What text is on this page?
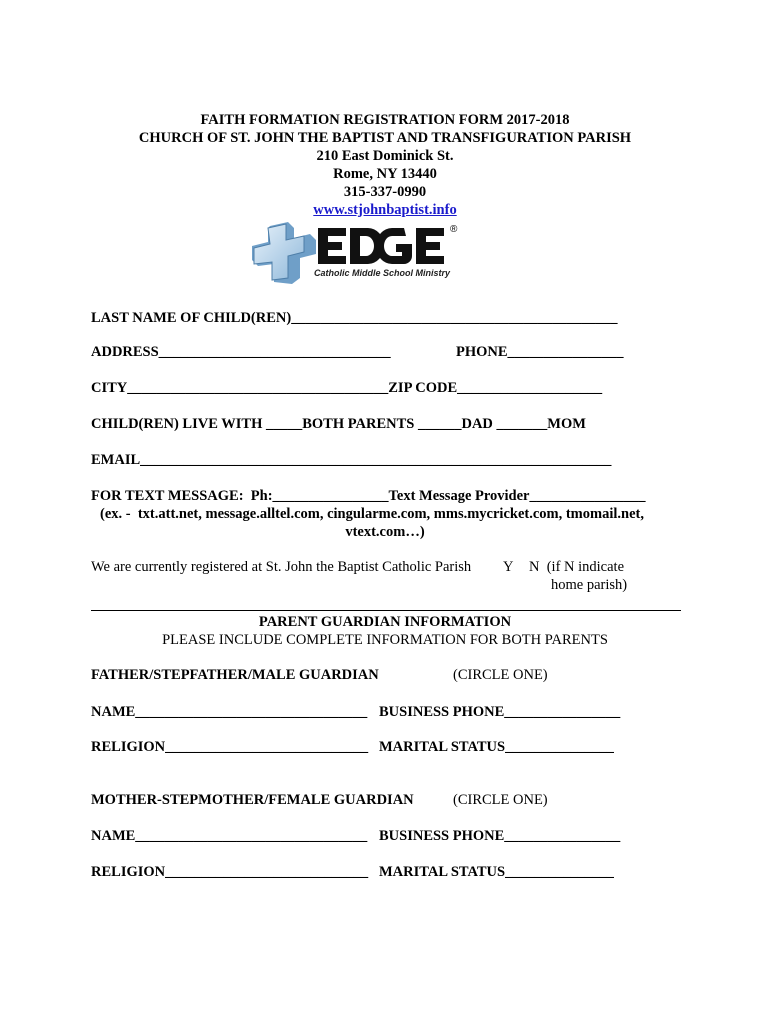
FAITH FORMATION REGISTRATION FORM 2017-2018
CHURCH OF ST. JOHN THE BAPTIST AND TRANSFIGURATION PARISH
210 East Dominick St.
Rome, NY 13440
315-337-0990
www.stjohnbaptist.info
®
Catholic Middle School Ministry
LAST NAME OF CHILD(REN)_____________________________________________
ADDRESS________________________________	PHONE________________
CITY____________________________________ZIP CODE____________________
CHILD(REN) LIVE WITH _____BOTH PARENTS ______DAD _______MOM
EMAIL_________________________________________________________________
FOR TEXT MESSAGE:  Ph:________________Text Message Provider________________
(ex. -  txt.att.net, message.alltel.com, cingularme.com, mms.mycricket.com, tmomail.net,
vtext.com…)
We are currently registered at St. John the Baptist Catholic Parish Y N  (if N indicate
home parish)
PARENT GUARDIAN INFORMATION
PLEASE INCLUDE COMPLETE INFORMATION FOR BOTH PARENTS
FATHER/STEPFATHER/MALE GUARDIAN	(CIRCLE ONE)
NAME________________________________ BUSINESS PHONE________________
RELIGION____________________________ MARITAL STATUS_______________
MOTHER-STEPMOTHER/FEMALE GUARDIAN	(CIRCLE ONE)
NAME________________________________ BUSINESS PHONE________________
RELIGION____________________________ MARITAL STATUS_______________
